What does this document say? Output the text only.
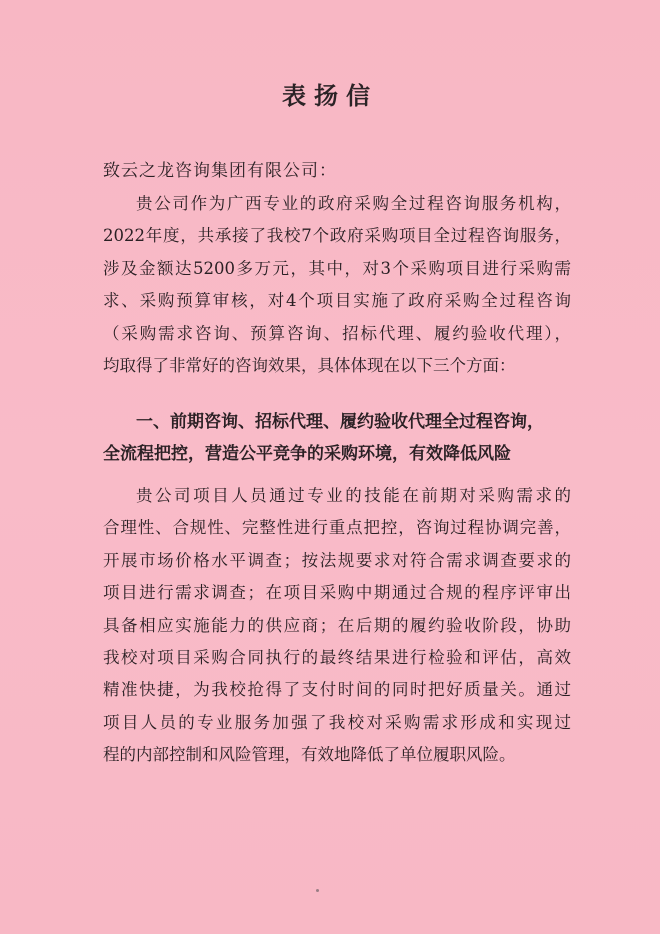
表扬信
致云之龙咨询集团有限公司：
贵公司作为广西专业的政府采购全过程咨询服务机构，
2022年度，共承接了我校7个政府采购项目全过程咨询服务，
涉及金额达5200多万元，其中，对3个采购项目进行采购需
求、采购预算审核，对4个项目实施了政府采购全过程咨询
（采购需求咨询、预算咨询、招标代理、履约验收代理），
均取得了非常好的咨询效果，具体体现在以下三个方面：
一、前期咨询、招标代理、履约验收代理全过程咨询，
全流程把控，营造公平竞争的采购环境，有效降低风险
贵公司项目人员通过专业的技能在前期对采购需求的
合理性、合规性、完整性进行重点把控，咨询过程协调完善，
开展市场价格水平调查；按法规要求对符合需求调查要求的
项目进行需求调查；在项目采购中期通过合规的程序评审出
具备相应实施能力的供应商；在后期的履约验收阶段，协助
我校对项目采购合同执行的最终结果进行检验和评估，高效
精准快捷，为我校抢得了支付时间的同时把好质量关。通过
项目人员的专业服务加强了我校对采购需求形成和实现过
程的内部控制和风险管理，有效地降低了单位履职风险。
